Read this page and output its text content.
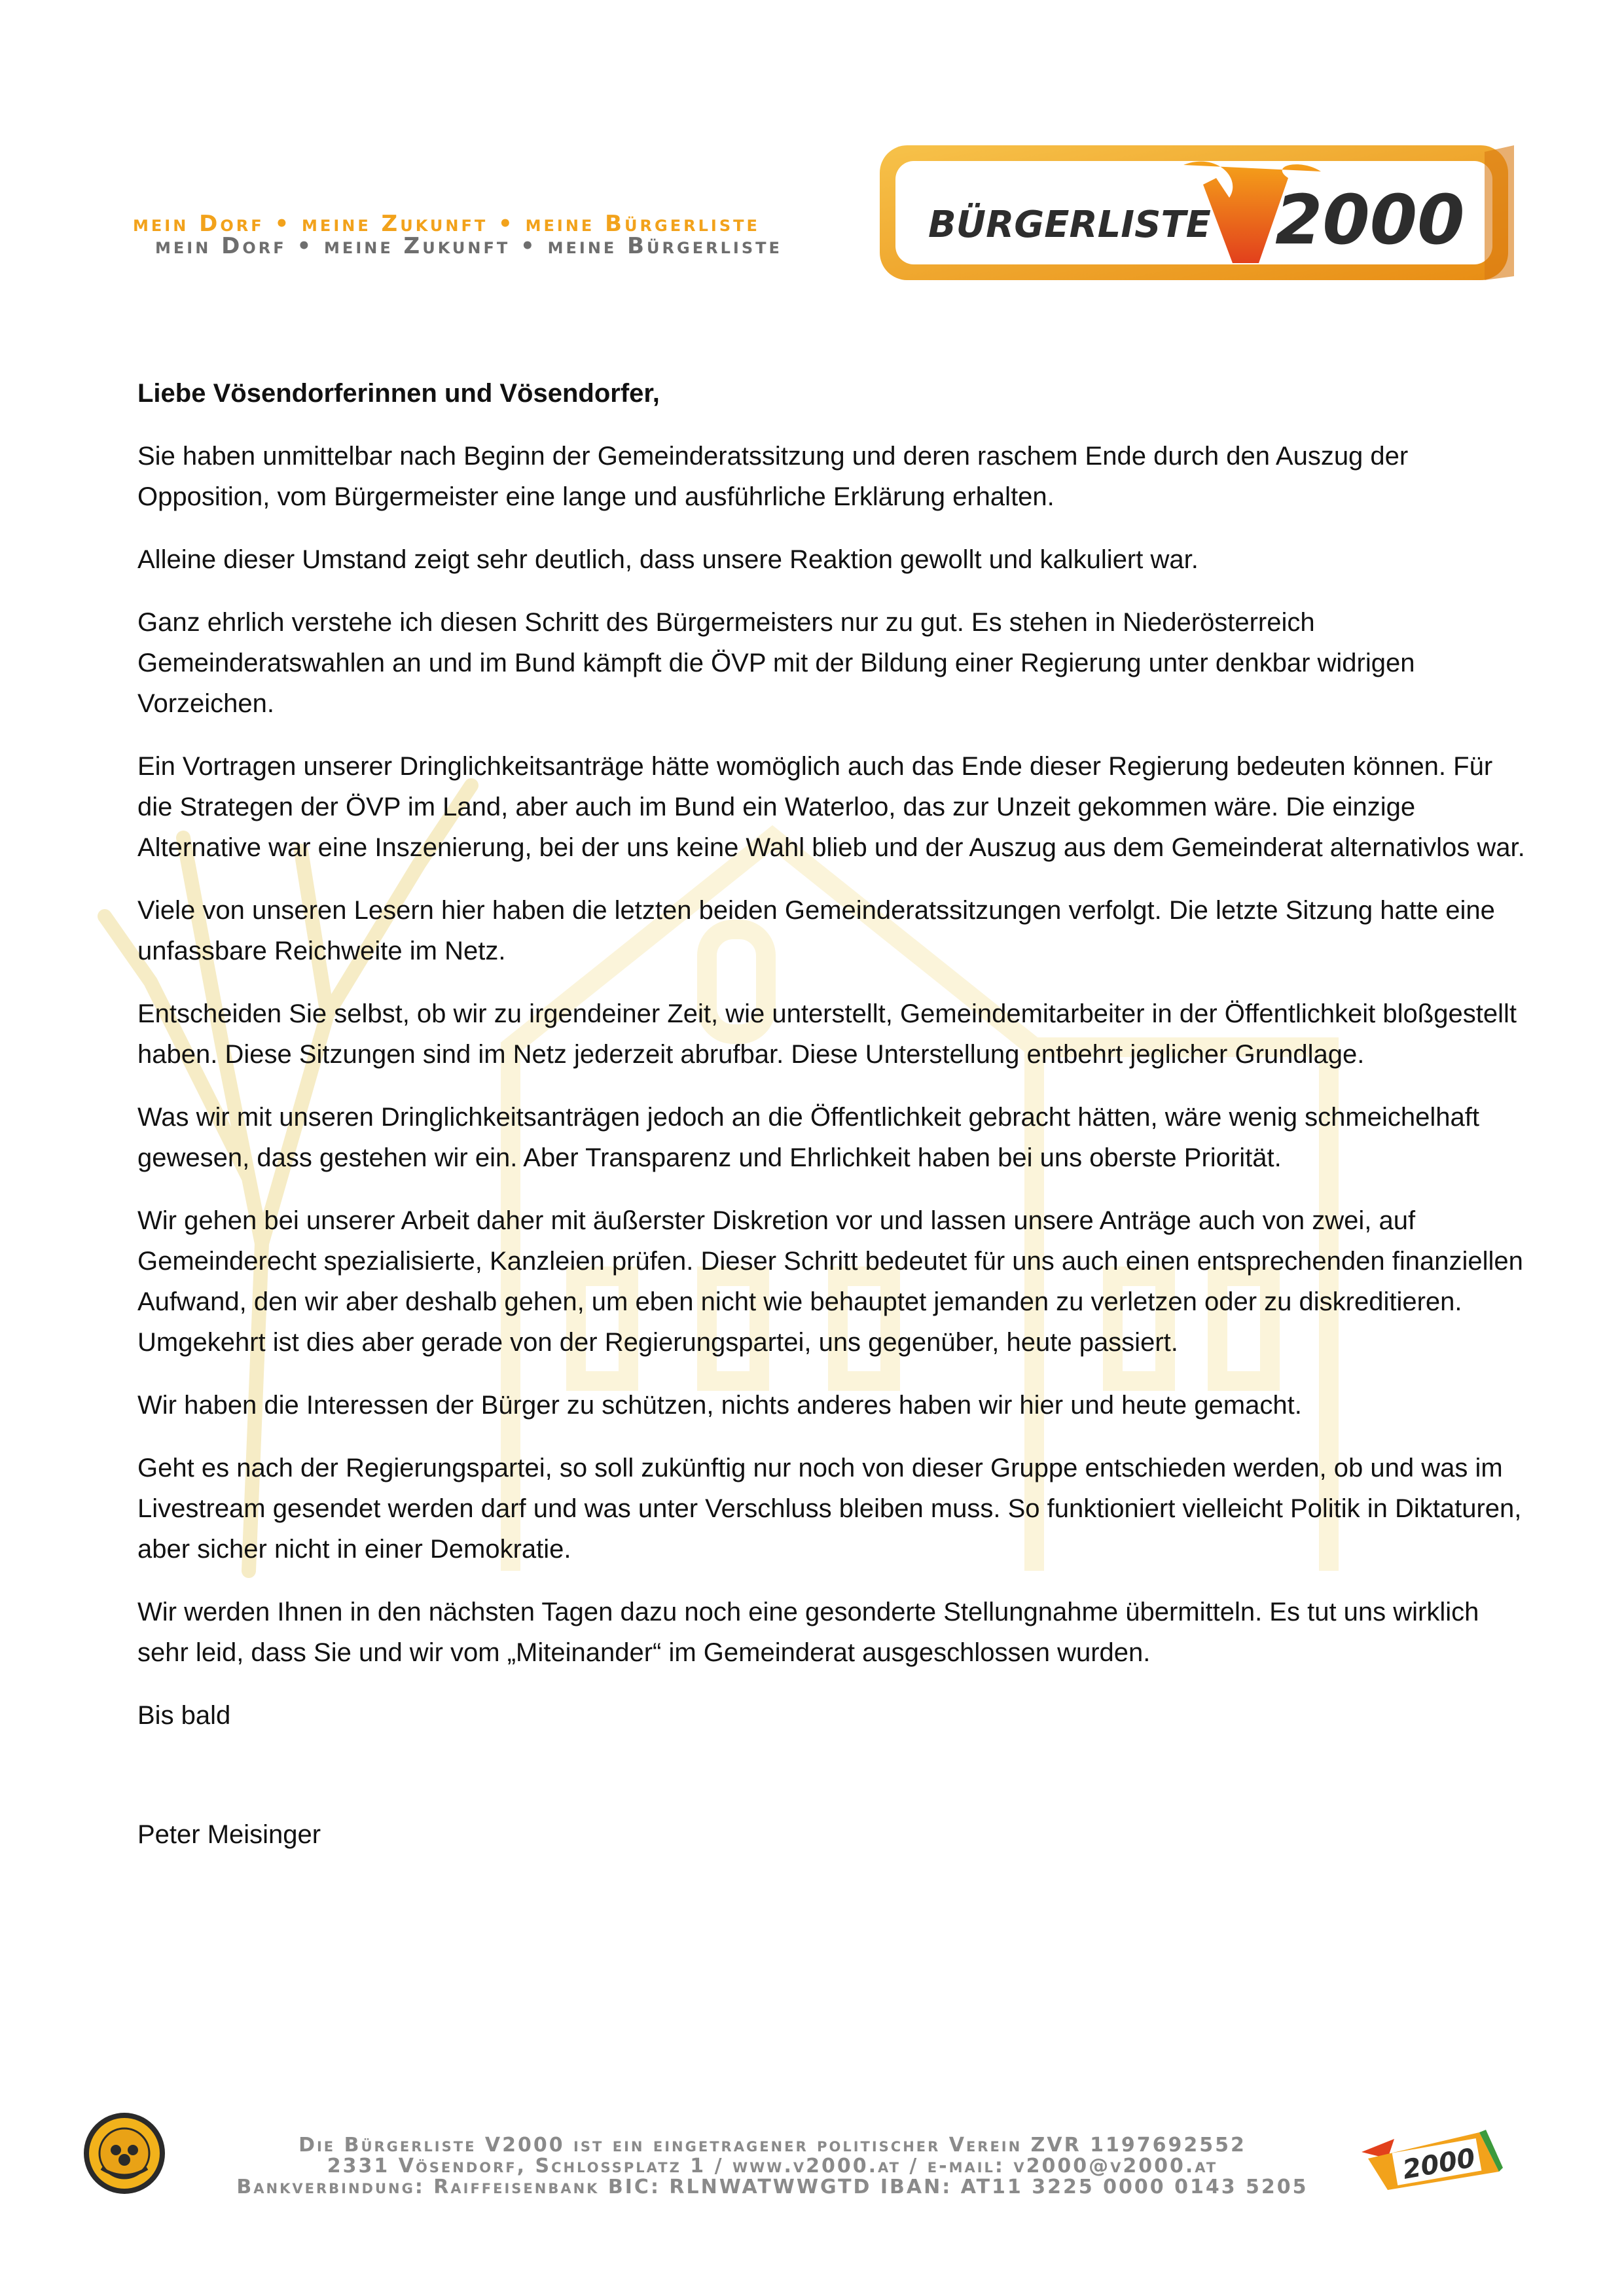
mein Dorf • meine Zukunft • meine Bürgerliste
mein Dorf • meine Zukunft • meine Bürgerliste	BÜRGERLISTE 2000

Liebe Vösendorferinnen und Vösendorfer,

Sie haben unmittelbar nach Beginn der Gemeinderatssitzung und deren raschem Ende durch den Auszug der Opposition, vom Bürgermeister eine lange und ausführliche Erklärung erhalten.

Alleine dieser Umstand zeigt sehr deutlich, dass unsere Reaktion gewollt und kalkuliert war.

Ganz ehrlich verstehe ich diesen Schritt des Bürgermeisters nur zu gut. Es stehen in Niederösterreich Gemeinderatswahlen an und im Bund kämpft die ÖVP mit der Bildung einer Regierung unter denkbar widrigen Vorzeichen.

Ein Vortragen unserer Dringlichkeitsanträge hätte womöglich auch das Ende dieser Regierung bedeuten können. Für die Strategen der ÖVP im Land, aber auch im Bund ein Waterloo, das zur Unzeit gekommen wäre. Die einzige Alternative war eine Inszenierung, bei der uns keine Wahl blieb und der Auszug aus dem Gemeinderat alternativlos war.

Viele von unseren Lesern hier haben die letzten beiden Gemeinderatssitzungen verfolgt. Die letzte Sitzung hatte eine unfassbare Reichweite im Netz.

Entscheiden Sie selbst, ob wir zu irgendeiner Zeit, wie unterstellt, Gemeindemitarbeiter in der Öffentlichkeit bloßgestellt haben. Diese Sitzungen sind im Netz jederzeit abrufbar. Diese Unterstellung entbehrt jeglicher Grundlage.

Was wir mit unseren Dringlichkeitsanträgen jedoch an die Öffentlichkeit gebracht hätten, wäre wenig schmeichelhaft gewesen, dass gestehen wir ein. Aber Transparenz und Ehrlichkeit haben bei uns oberste Priorität.

Wir gehen bei unserer Arbeit daher mit äußerster Diskretion vor und lassen unsere Anträge auch von zwei, auf Gemeinderecht spezialisierte, Kanzleien prüfen. Dieser Schritt bedeutet für uns auch einen entsprechenden finanziellen Aufwand, den wir aber deshalb gehen, um eben nicht wie behauptet jemanden zu verletzen oder zu diskreditieren. Umgekehrt ist dies aber gerade von der Regierungspartei, uns gegenüber, heute passiert.

Wir haben die Interessen der Bürger zu schützen, nichts anderes haben wir hier und heute gemacht.

Geht es nach der Regierungspartei, so soll zukünftig nur noch von dieser Gruppe entschieden werden, ob und was im Livestream gesendet werden darf und was unter Verschluss bleiben muss. So funktioniert vielleicht Politik in Diktaturen, aber sicher nicht in einer Demokratie.

Wir werden Ihnen in den nächsten Tagen dazu noch eine gesonderte Stellungnahme übermitteln. Es tut uns wirklich sehr leid, dass Sie und wir vom „Miteinander“ im Gemeinderat ausgeschlossen wurden.

Bis bald

Peter Meisinger

Die Bürgerliste V2000 ist ein eingetragener politischer Verein ZVR 1197692552
2331 Vösendorf, Schlossplatz 1 / www.v2000.at / e-mail: v2000@v2000.at
Bankverbindung: Raiffeisenbank BIC: RLNWATWWGTD IBAN: AT11 3225 0000 0143 5205
2000
